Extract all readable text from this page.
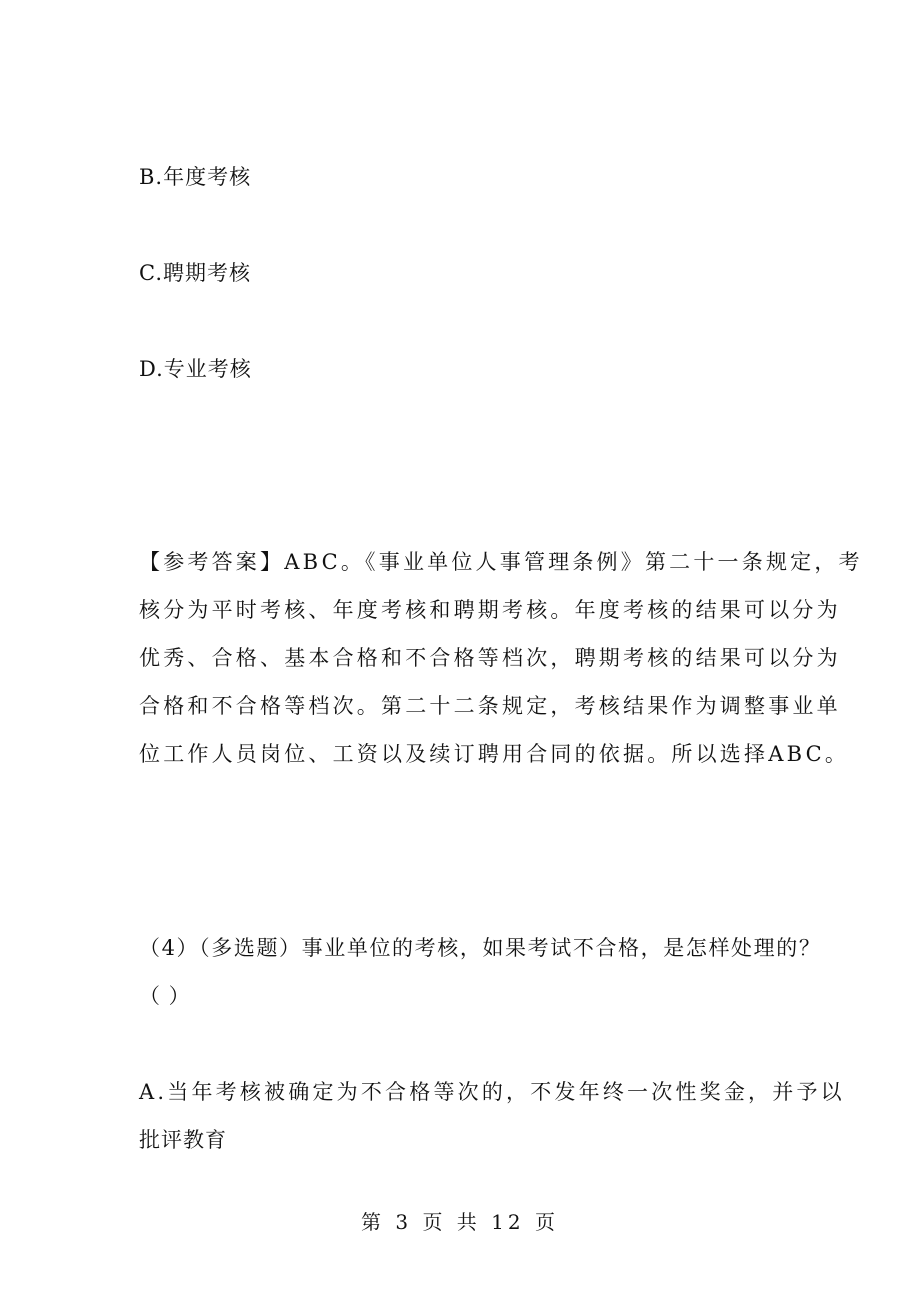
B.年度考核
C.聘期考核
D.专业考核
【参考答案】ABC。《事业单位人事管理条例》第二十一条规定，考
核分为平时考核、年度考核和聘期考核。年度考核的结果可以分为
优秀、合格、基本合格和不合格等档次，聘期考核的结果可以分为
合格和不合格等档次。第二十二条规定，考核结果作为调整事业单
位工作人员岗位、工资以及续订聘用合同的依据。所以选择ABC。
（4）（多选题）事业单位的考核，如果考试不合格，是怎样处理的？
（ ）
A.当年考核被确定为不合格等次的，不发年终一次性奖金，并予以
批评教育
第 3 页 共 12 页
